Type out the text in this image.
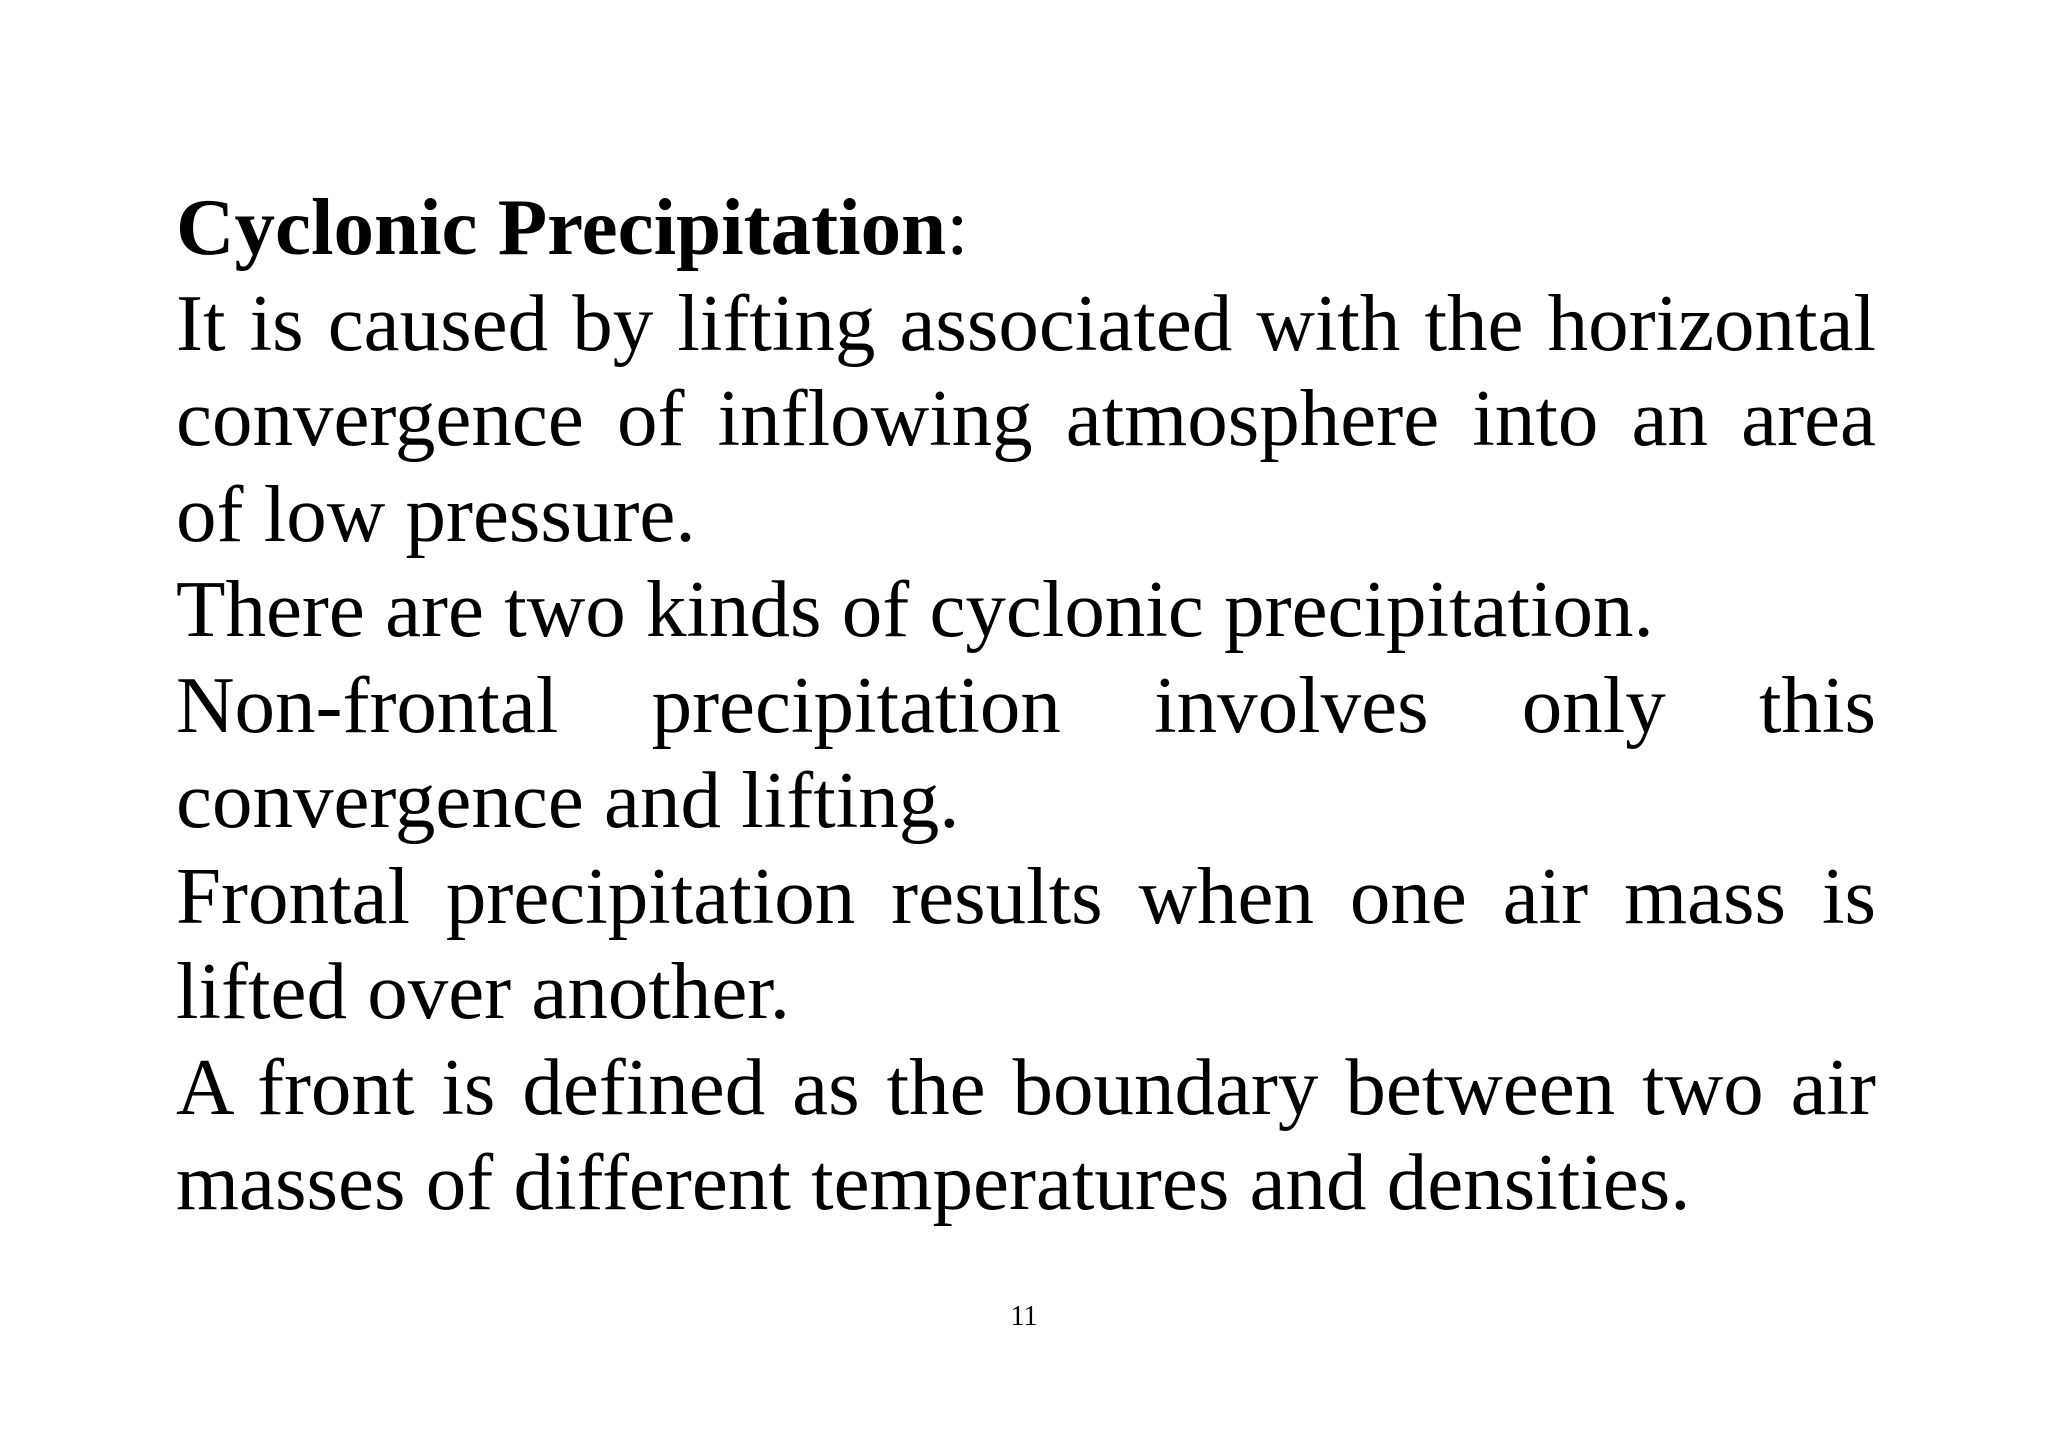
Cyclonic Precipitation:

It is caused by lifting associated with the horizontal convergence of inflowing atmosphere into an area of low pressure.

There are two kinds of cyclonic precipitation.

Non-frontal precipitation involves only this convergence and lifting.

Frontal precipitation results when one air mass is lifted over another.

A front is defined as the boundary between two air masses of different temperatures and densities.

11
